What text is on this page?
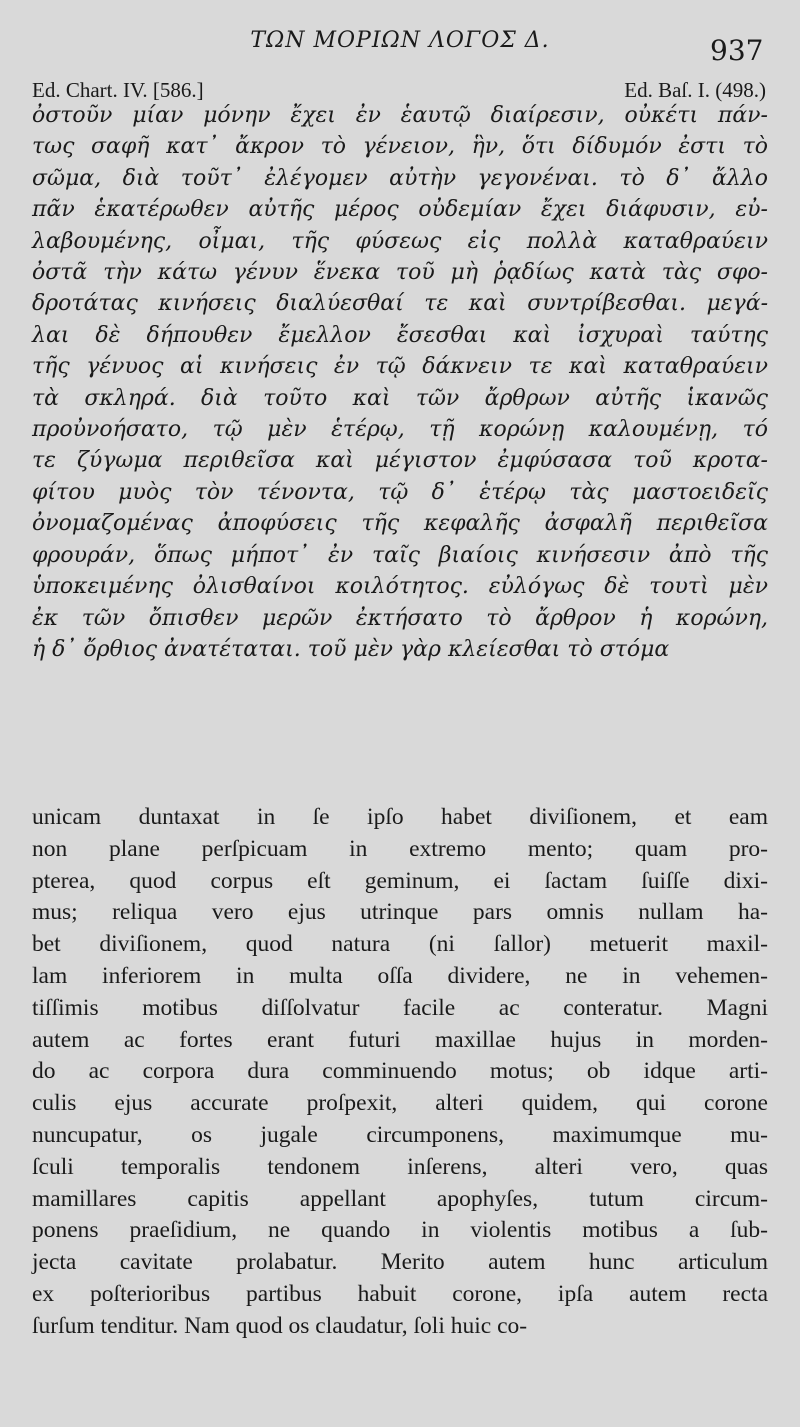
ΤΩΝ ΜΟΡΙΩΝ ΛΟΓΟΣ Δ.	937
Ed. Chart. IV. [586.]	Ed. Baſ. I. (498.)
ὀστοῦν μίαν μόνην ἔχει ἐν ἑαυτῷ διαίρεσιν, οὐκέτι πάν-
τως σαφῆ κατ᾽ ἄκρον τὸ γένειον, ἣν, ὅτι δίδυμόν ἐστι τὸ
σῶμα, διὰ τοῦτ᾽ ἐλέγομεν αὐτὴν γεγονέναι. τὸ δ᾽ ἄλλο
πᾶν ἑκατέρωθεν αὐτῆς μέρος οὐδεμίαν ἔχει διάφυσιν, εὐ-
λαβουμένης, οἶμαι, τῆς φύσεως εἰς πολλὰ καταθραύειν
ὀστᾶ τὴν κάτω γένυν ἕνεκα τοῦ μὴ ῥᾳδίως κατὰ τὰς σφο-
δροτάτας κινήσεις διαλύεσθαί τε καὶ συντρίβεσθαι. μεγά-
λαι δὲ δήπουθεν ἔμελλον ἔσεσθαι καὶ ἰσχυραὶ ταύτης
τῆς γένυος αἱ κινήσεις ἐν τῷ δάκνειν τε καὶ καταθραύειν
τὰ σκληρά. διὰ τοῦτο καὶ τῶν ἄρθρων αὐτῆς ἱκανῶς
προὐνοήσατο, τῷ μὲν ἑτέρῳ, τῇ κορώνῃ καλουμένῃ, τό
τε ζύγωμα περιθεῖσα καὶ μέγιστον ἐμφύσασα τοῦ κροτα-
φίτου μυὸς τὸν τένοντα, τῷ δ᾽ ἑτέρῳ τὰς μαστοειδεῖς
ὀνομαζομένας ἀποφύσεις τῆς κεφαλῆς ἀσφαλῆ περιθεῖσα
φρουράν, ὅπως μήποτ᾽ ἐν ταῖς βιαίοις κινήσεσιν ἀπὸ τῆς
ὑποκειμένης ὀλισθαίνοι κοιλότητος. εὐλόγως δὲ τουτὶ μὲν
ἐκ τῶν ὄπισθεν μερῶν ἐκτήσατο τὸ ἄρθρον ἡ κορώνη,
ἡ δ᾽ ὄρθιος ἀνατέταται. τοῦ μὲν γὰρ κλείεσθαι τὸ στόμα
unicam duntaxat in ſe ipſo habet diviſionem, et eam
non plane perſpicuam in extremo mento; quam pro-
pterea, quod corpus eſt geminum, ei ſactam ſuiſſe dixi-
mus; reliqua vero ejus utrinque pars omnis nullam ha-
bet diviſionem, quod natura (ni ſallor) metuerit maxil-
lam inferiorem in multa oſſa dividere, ne in vehemen-
tiſſimis motibus diſſolvatur facile ac conteratur. Magni
autem ac fortes erant futuri maxillae hujus in morden-
do ac corpora dura comminuendo motus; ob idque arti-
culis ejus accurate proſpexit, alteri quidem, qui corone
nuncupatur, os jugale circumponens, maximumque mu-
ſculi temporalis tendonem inſerens, alteri vero, quas
mamillares capitis appellant apophyſes, tutum circum-
ponens praeſidium, ne quando in violentis motibus a ſub-
jecta cavitate prolabatur. Merito autem hunc articulum
ex poſterioribus partibus habuit corone, ipſa autem recta
ſurſum tenditur. Nam quod os claudatur, ſoli huic co-
